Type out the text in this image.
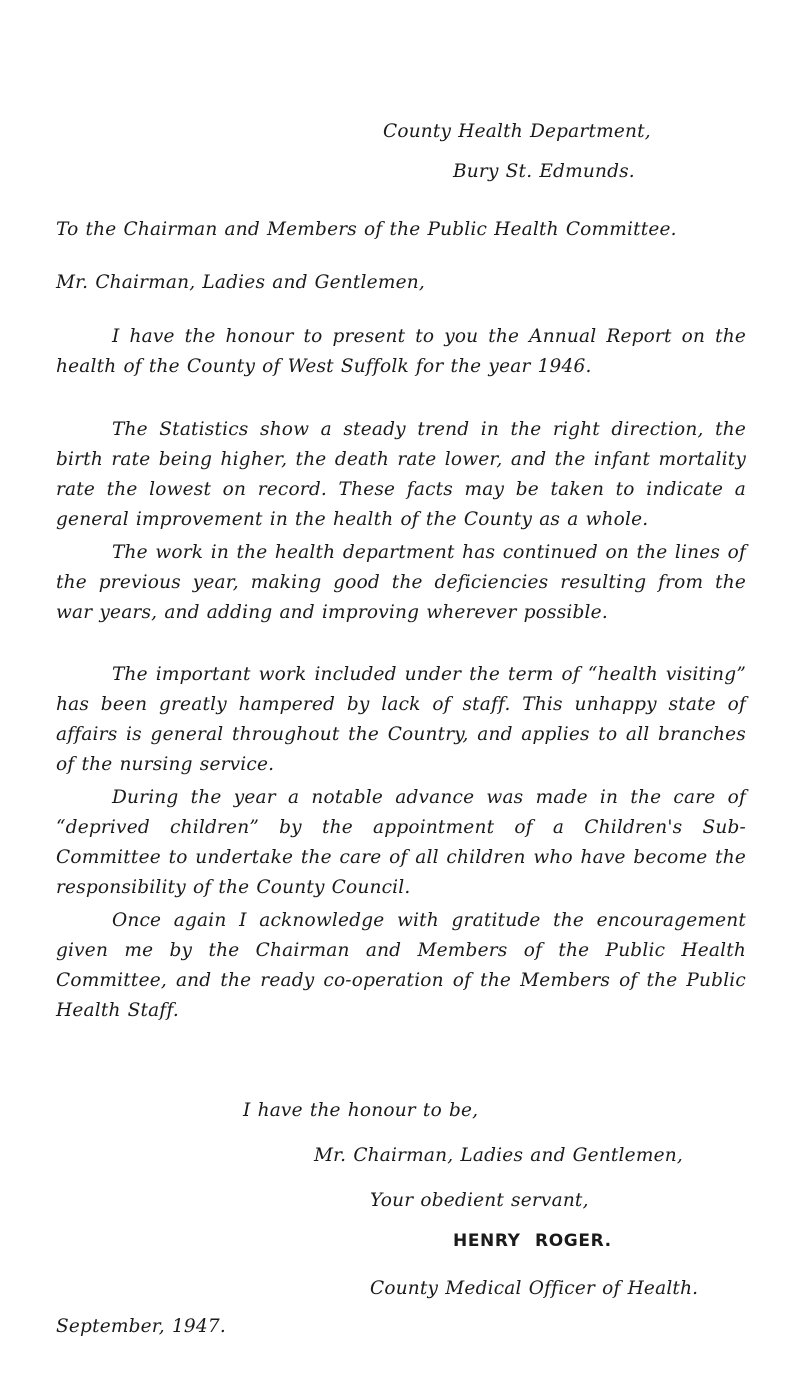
County Health Department,
Bury St. Edmunds.
To the Chairman and Members of the Public Health Committee.
Mr. Chairman, Ladies and Gentlemen,

I have the honour to present to you the Annual Report on the health of the County of West Suffolk for the year 1946.

The Statistics show a steady trend in the right direction, the birth rate being higher, the death rate lower, and the infant mortality rate the lowest on record. These facts may be taken to indicate a general improvement in the health of the County as a whole.

The work in the health department has continued on the lines of the previous year, making good the deficiencies resulting from the war years, and adding and improving wherever possible.

The important work included under the term of “health visiting” has been greatly hampered by lack of staff. This unhappy state of affairs is general throughout the Country, and applies to all branches of the nursing service.

During the year a notable advance was made in the care of “deprived children” by the appointment of a Children's Sub-Committee to undertake the care of all children who have become the responsibility of the County Council.

Once again I acknowledge with gratitude the encouragement given me by the Chairman and Members of the Public Health Committee, and the ready co-operation of the Members of the Public Health Staff.

I have the honour to be,
Mr. Chairman, Ladies and Gentlemen,
Your obedient servant,
HENRY ROGER.
County Medical Officer of Health.
September, 1947.
